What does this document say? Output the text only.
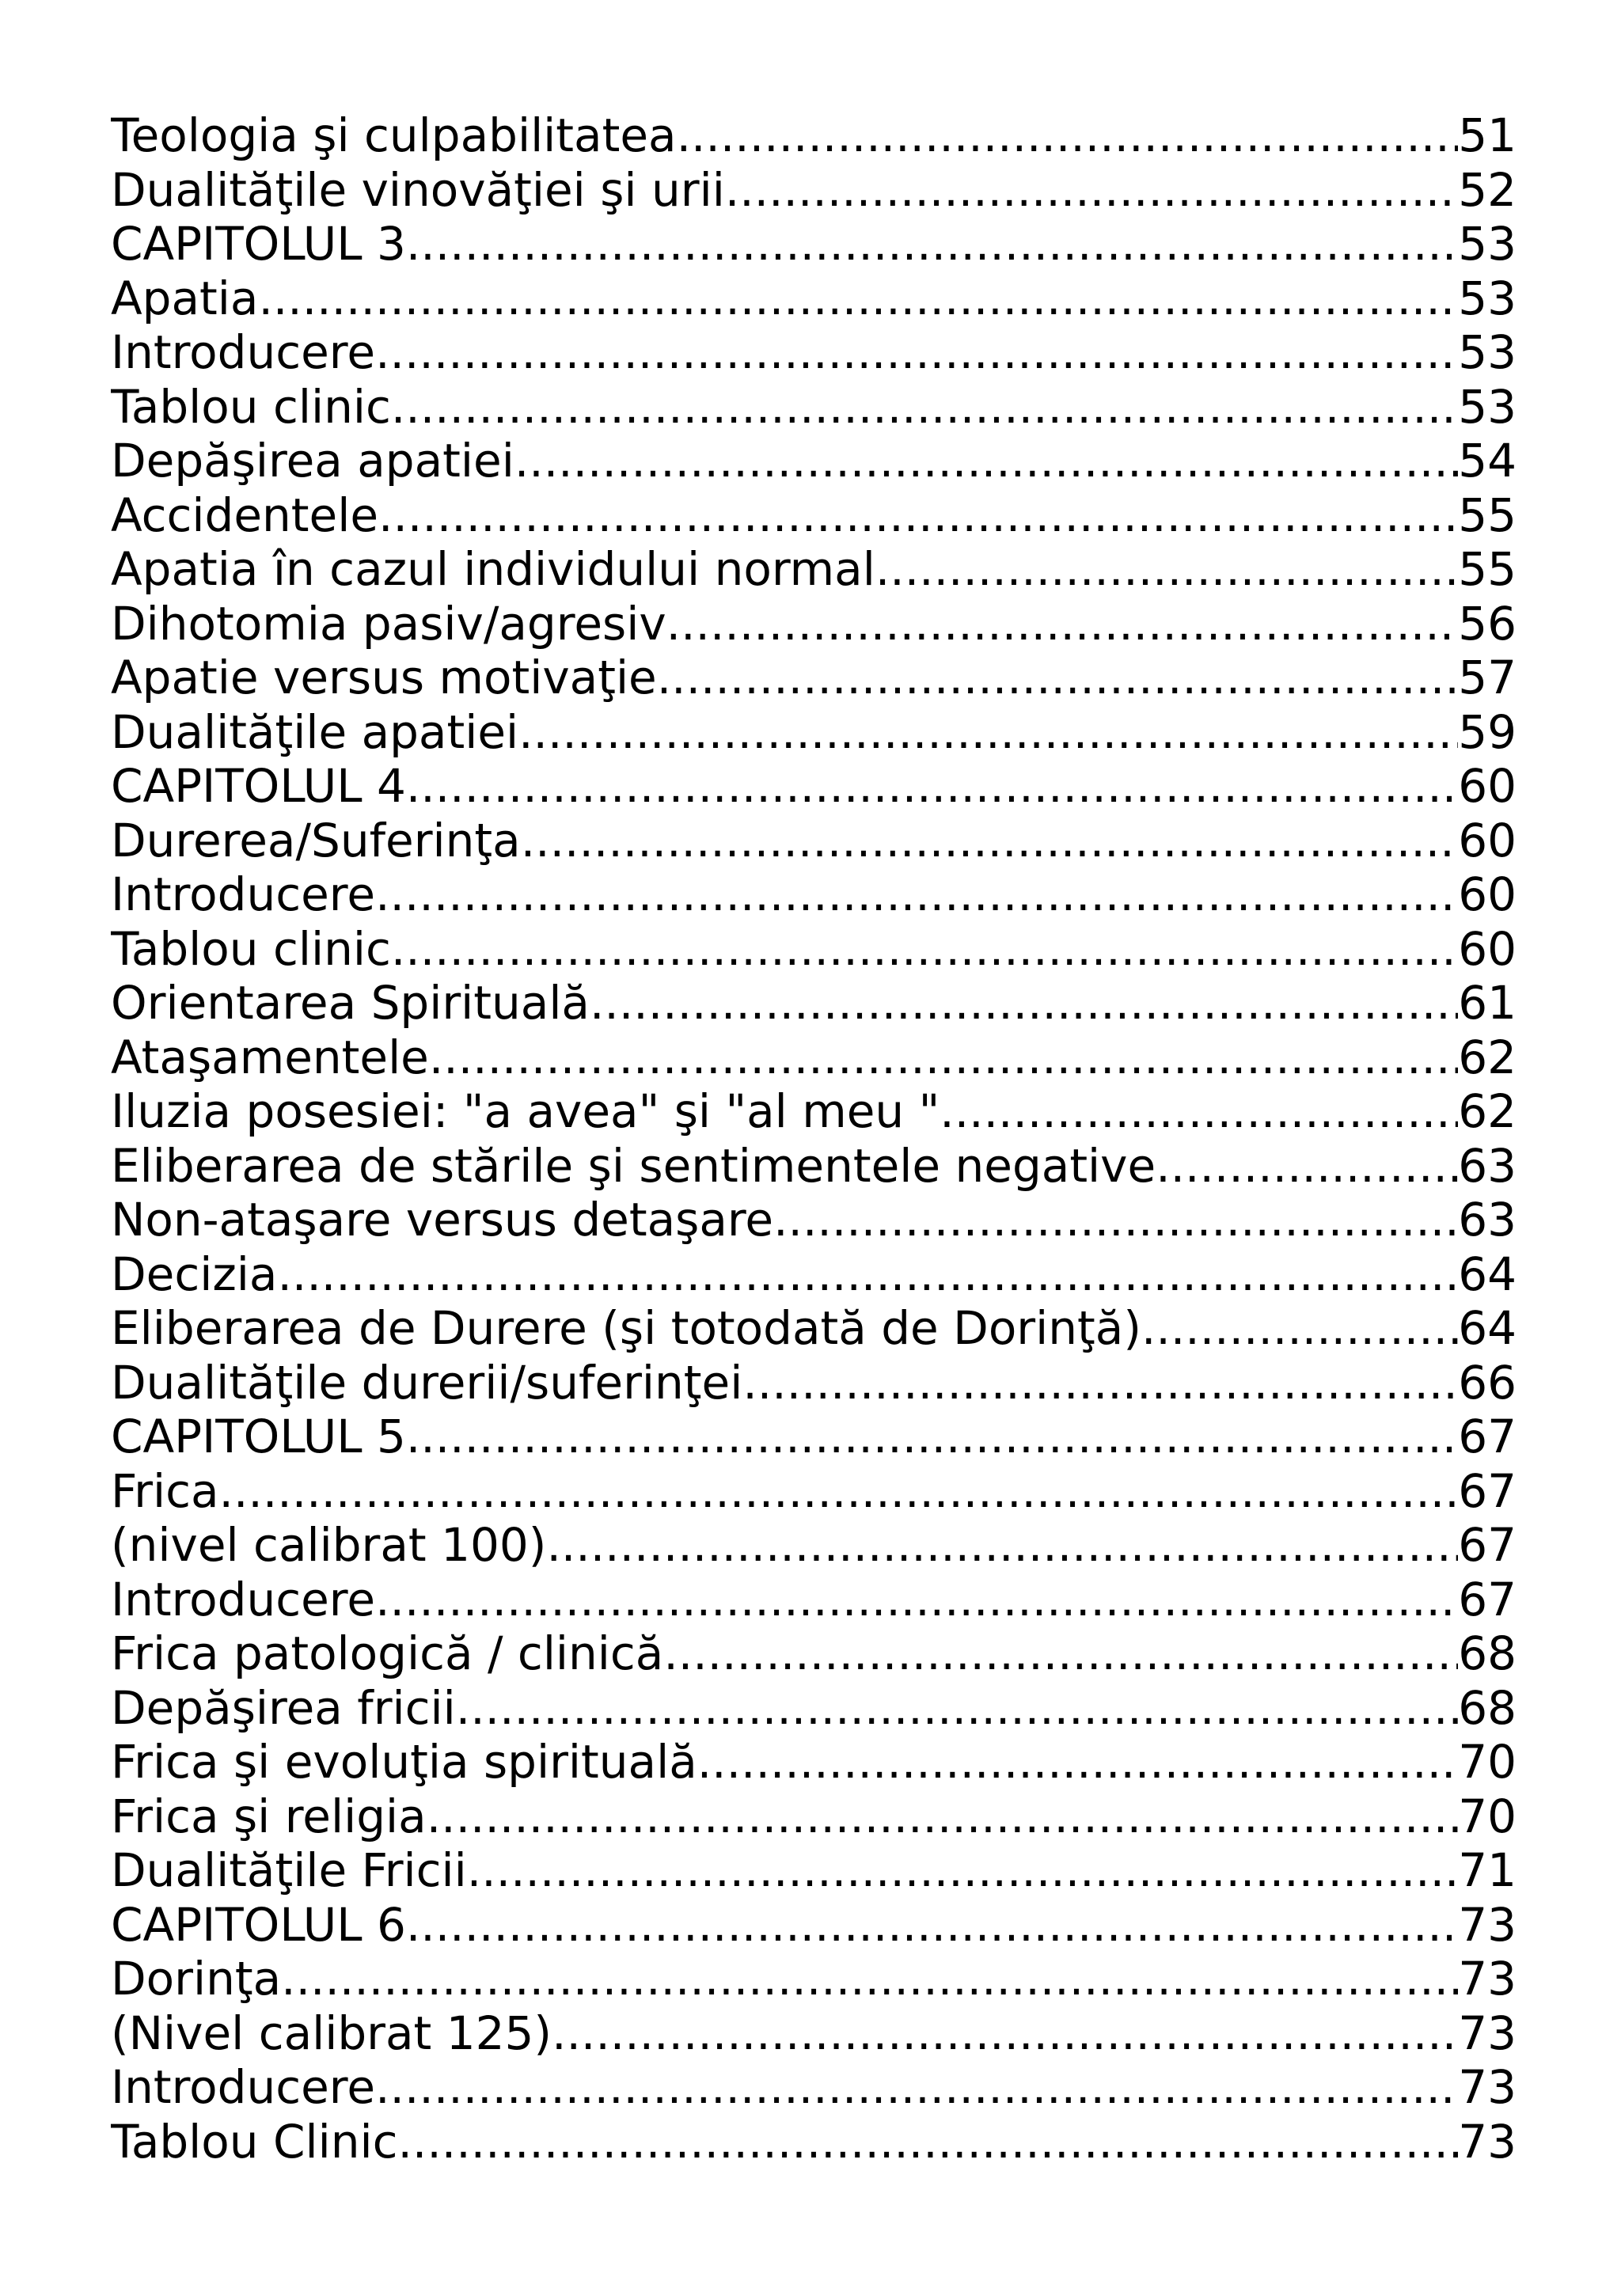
Teologia şi culpabilitatea .....	51
Dualităţile vinovăţiei şi urii .....	52
CAPITOLUL 3 .....	53
Apatia .....	53
Introducere .....	53
Tablou clinic .....	53
Depăşirea apatiei .....	54
Accidentele .....	55
Apatia în cazul individului normal .....	55
Dihotomia pasiv/agresiv .....	56
Apatie versus motivaţie .....	57
Dualităţile apatiei .....	59
CAPITOLUL 4 .....	60
Durerea/Suferinţa .....	60
Introducere .....	60
Tablou clinic .....	60
Orientarea Spirituală .....	61
Ataşamentele .....	62
Iluzia posesiei: "a avea" şi "al meu " .....	62
Eliberarea de stările şi sentimentele negative .....	63
Non-ataşare versus detaşare .....	63
Decizia .....	64
Eliberarea de Durere (şi totodată de Dorinţă) .....	64
Dualităţile durerii/suferinţei .....	66
CAPITOLUL 5 .....	67
Frica .....	67
(nivel calibrat 100) .....	67
Introducere .....	67
Frica patologică / clinică .....	68
Depăşirea fricii .....	68
Frica şi evoluţia spirituală .....	70
Frica şi religia .....	70
Dualităţile Fricii .....	71
CAPITOLUL 6 .....	73
Dorinţa .....	73
(Nivel calibrat 125) .....	73
Introducere .....	73
Tablou Clinic .....	73
